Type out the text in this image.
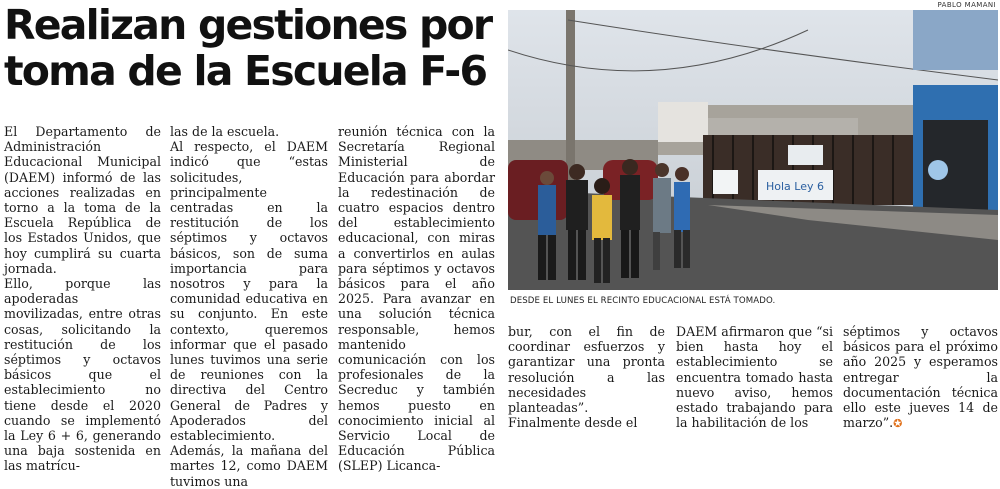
Realizan gestiones por
toma de la Escuela F-6

El Departamento de Administración Educacional Municipal (DAEM) informó de las acciones realizadas en torno a la toma de la Escuela República de los Estados Unidos, que hoy cumplirá su cuarta jornada.

Ello, porque las apoderadas movilizadas, entre otras cosas, solicitando la restitución de los séptimos y octavos básicos que el establecimiento no tiene desde el 2020 cuando se implementó la Ley 6 + 6, generando una baja sostenida en las matrícu-

las de la escuela.

Al respecto, el DAEM indicó que “estas solicitudes, principalmente centradas en la restitución de los séptimos y octavos básicos, son de suma importancia para nosotros y para la comunidad educativa en su conjunto. En este contexto, queremos informar que el pasado lunes tuvimos una serie de reuniones con la directiva del Centro General de Padres y Apoderados del establecimiento. Además, la mañana del martes 12, como DAEM tuvimos una

reunión técnica con la Secretaría Regional Ministerial de Educación para abordar la redestinación de cuatro espacios dentro del establecimiento educacional, con miras a convertirlos en aulas para séptimos y octavos básicos para el año 2025. Para avanzar en una solución técnica responsable, hemos mantenido comunicación con los profesionales de la Secreduc y también hemos puesto en conocimiento inicial al Servicio Local de Educación Pública (SLEP) Licanca-

PABLO MAMANI
Hola Ley 6
DESDE EL LUNES EL RECINTO EDUCACIONAL ESTÁ TOMADO.

bur, con el fin de coordinar esfuerzos y garantizar una pronta resolución a las necesidades planteadas”.

Finalmente desde el

DAEM afirmaron que “si bien hasta hoy el establecimiento se encuentra tomado hasta nuevo aviso, hemos estado trabajando para la habilitación de los

séptimos y octavos básicos para el próximo año 2025 y esperamos entregar la documentación técnica ello este jueves 14 de marzo”.✪
